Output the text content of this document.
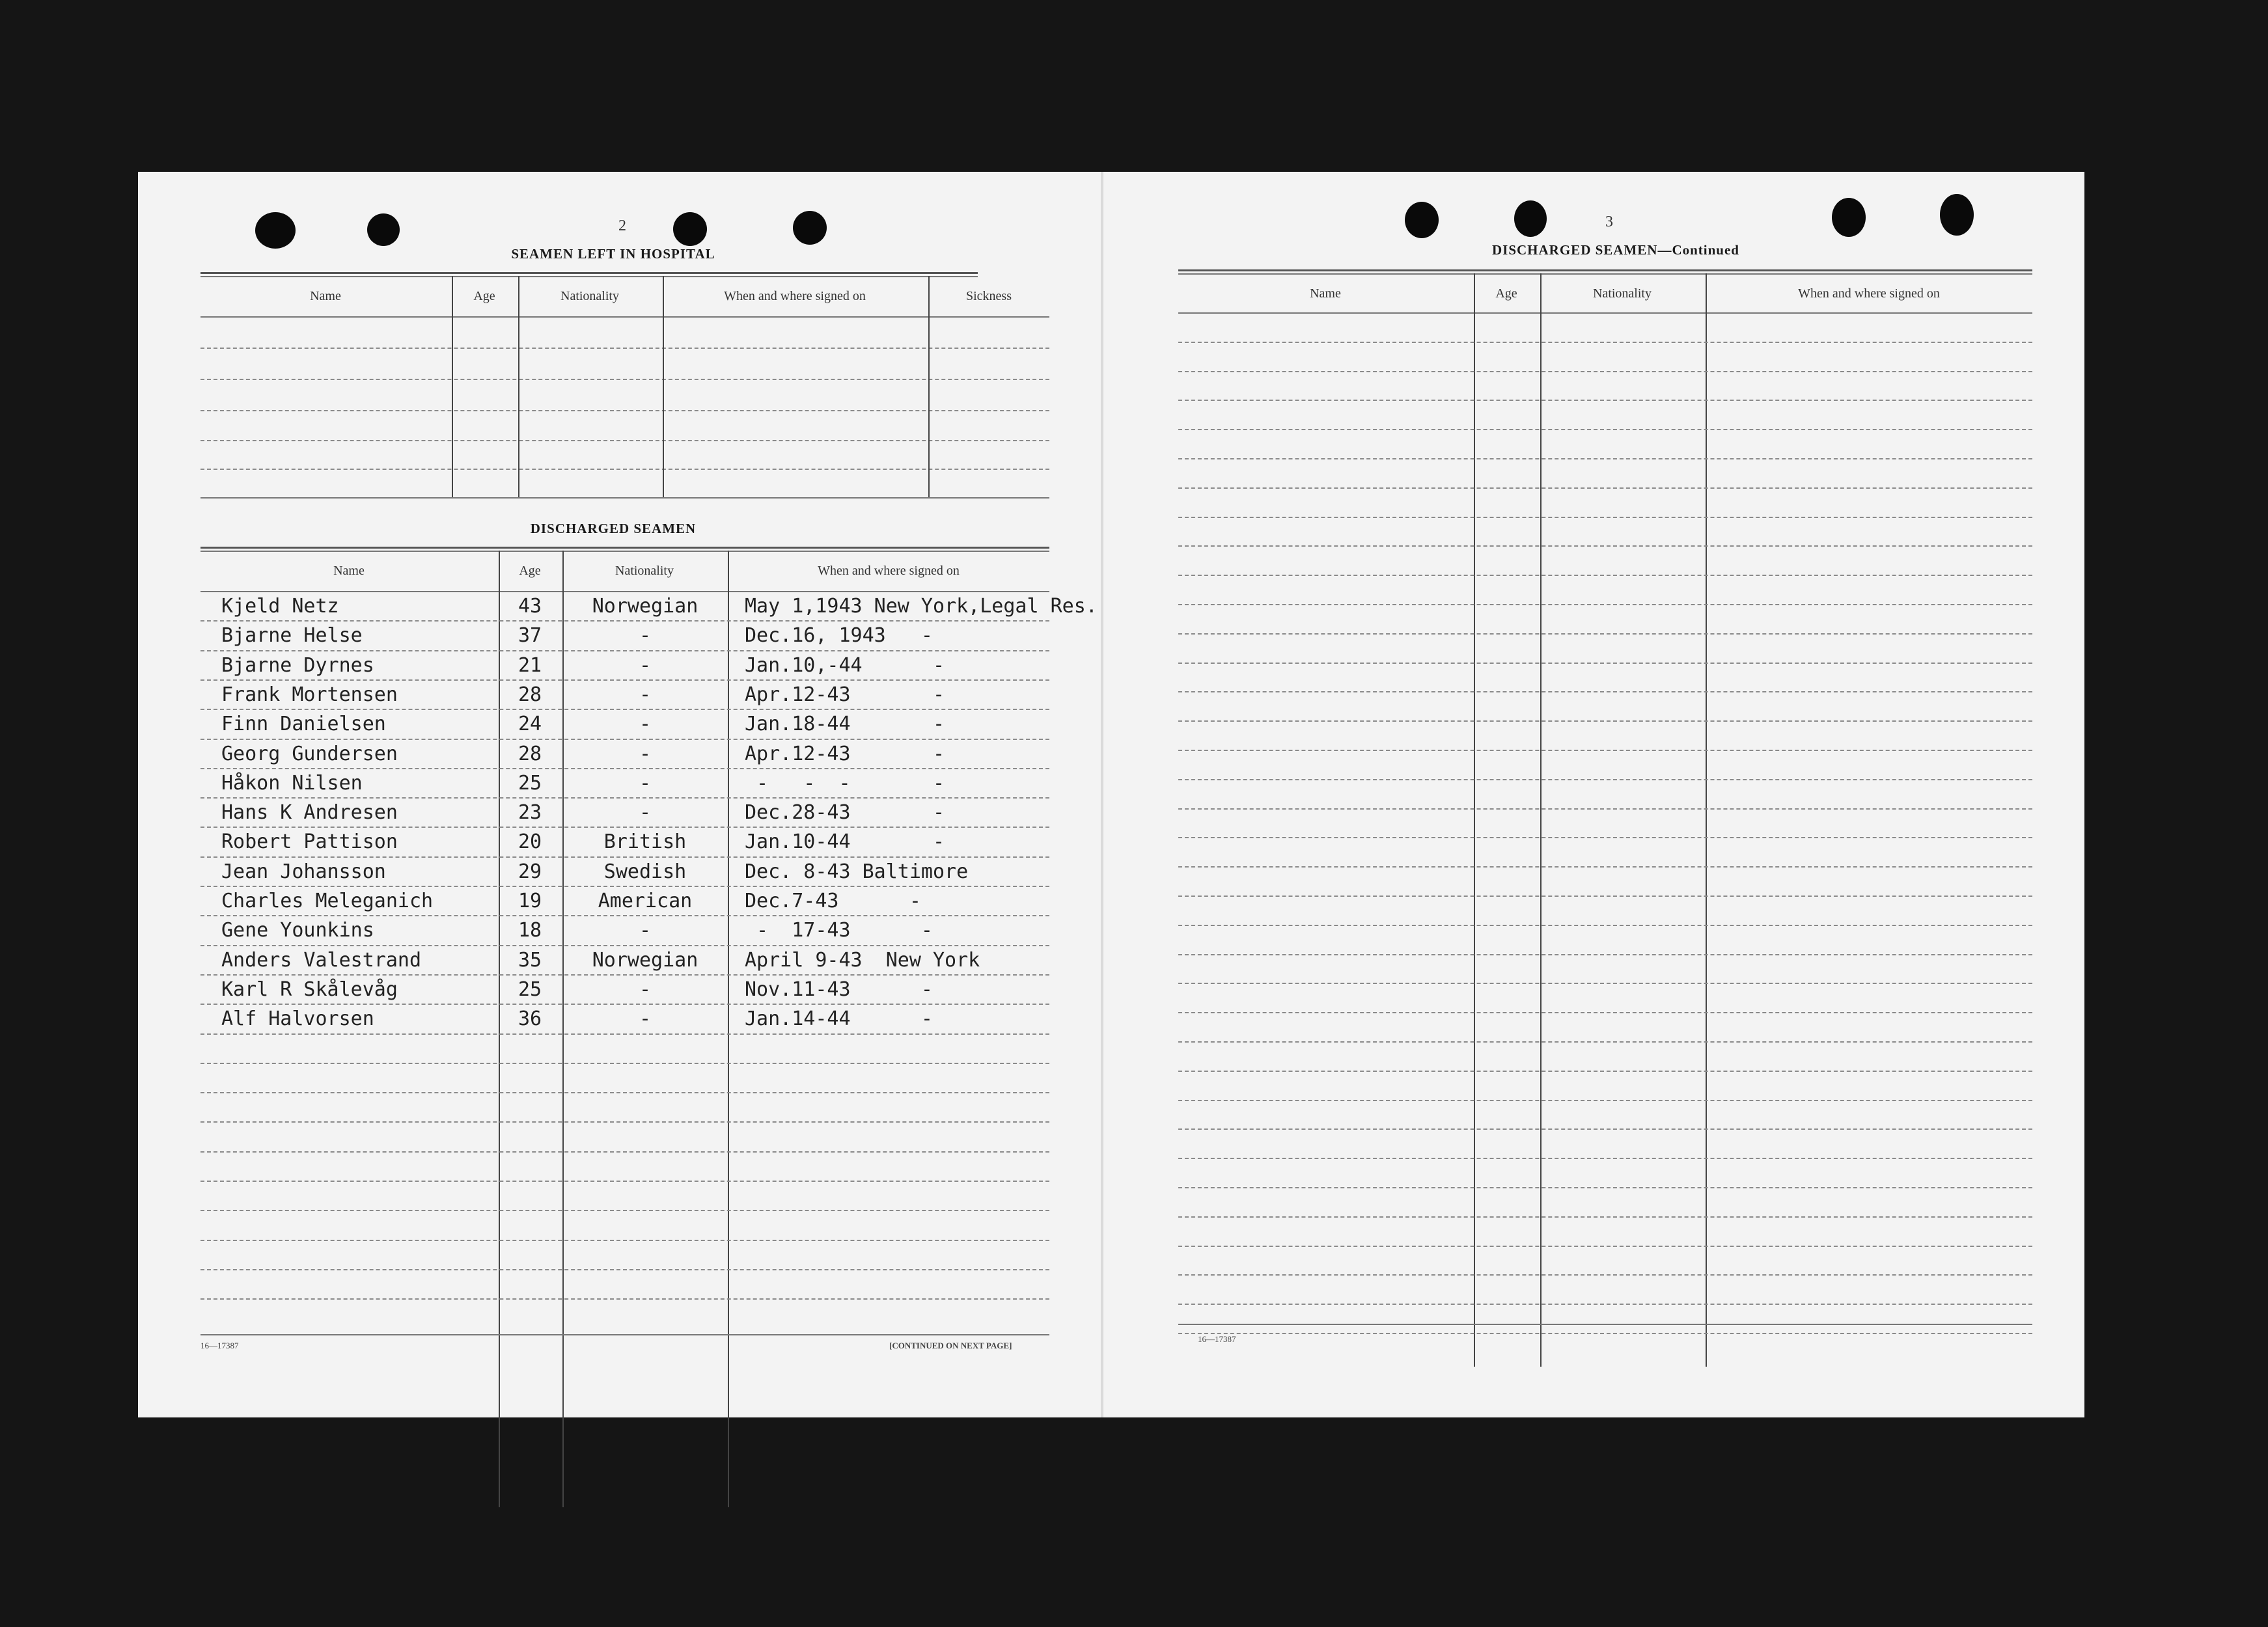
2
SEAMEN LEFT IN HOSPITAL
Name	Age	Nationality	When and where signed on	Sickness
DISCHARGED SEAMEN
Name	Age	Nationality	When and where signed on
Kjeld Netz	43	Norwegian	May 1,1943 New York,Legal Res.
Bjarne Helse	37	-	Dec.16, 1943   -
Bjarne Dyrnes	21	-	Jan.10,-44      -
Frank Mortensen	28	-	Apr.12-43       -
Finn Danielsen	24	-	Jan.18-44       -
Georg Gundersen	28	-	Apr.12-43       -
Håkon Nilsen	25	-	-   -  -       -
Hans K Andresen	23	-	Dec.28-43       -
Robert Pattison	20	British	Jan.10-44       -
Jean Johansson	29	Swedish	Dec. 8-43 Baltimore
Charles Meleganich	19	American	Dec.7-43      -
Gene Younkins	18	-	-  17-43      -
Anders Valestrand	35	Norwegian	April 9-43  New York
Karl R Skålevåg	25	-	Nov.11-43      -
Alf Halvorsen	36	-	Jan.14-44      -
16—17387	[CONTINUED ON NEXT PAGE]
3
DISCHARGED SEAMEN—Continued
Name	Age	Nationality	When and where signed on
16—17387
